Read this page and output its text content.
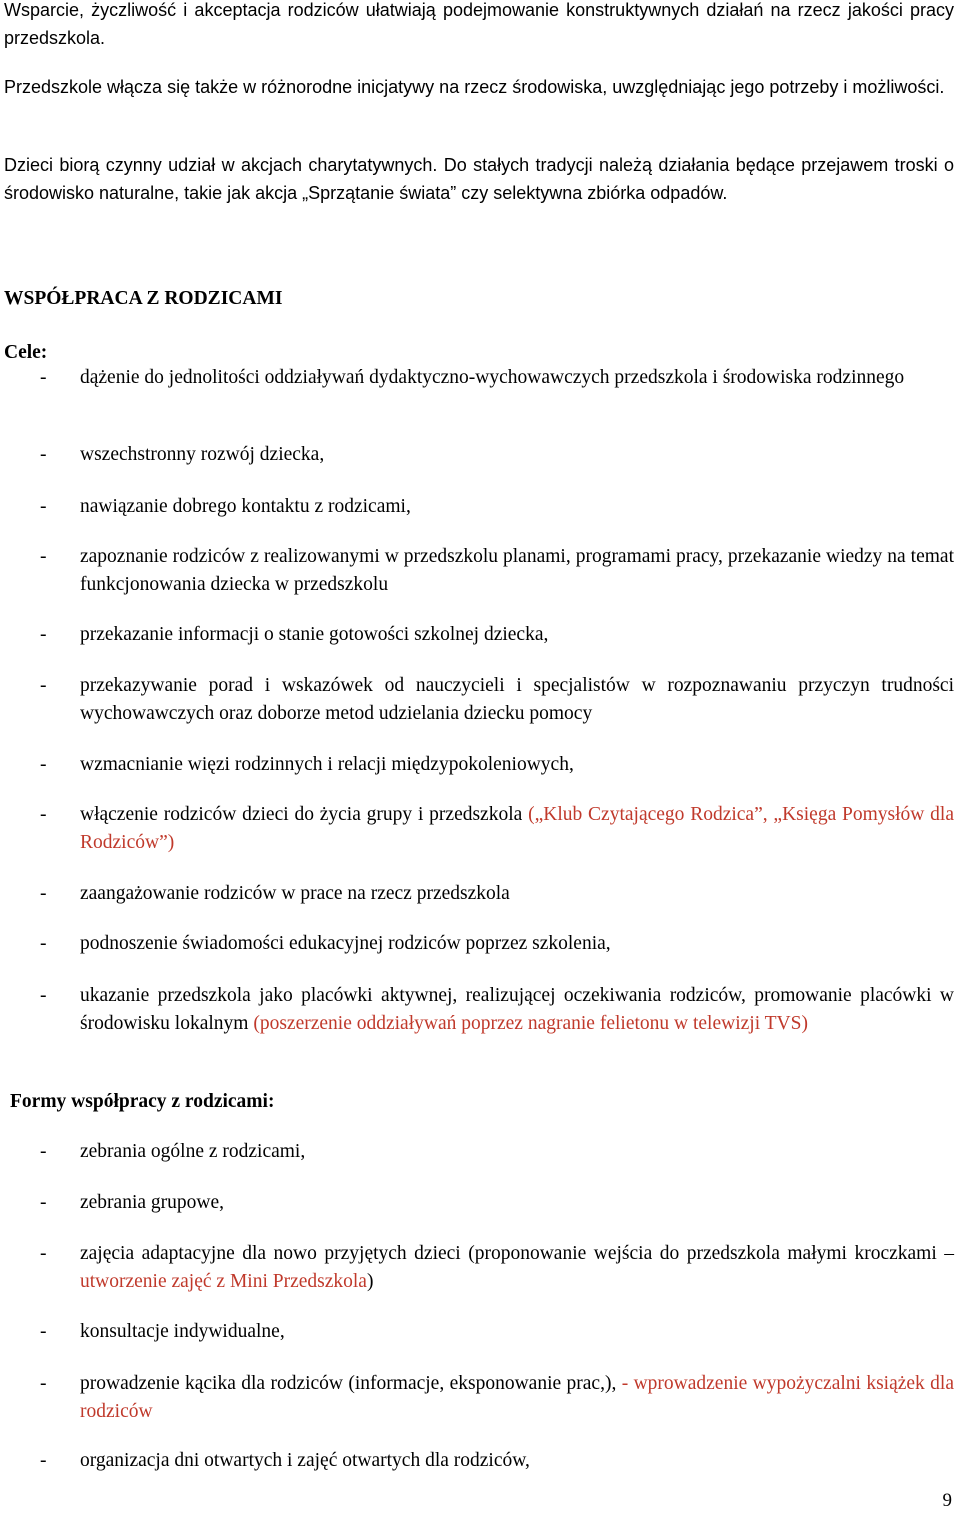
Wsparcie, życzliwość i akceptacja rodziców ułatwiają podejmowanie konstruktywnych działań na rzecz jakości pracy przedszkola.

Przedszkole włącza się także w różnorodne inicjatywy na rzecz środowiska, uwzględniając jego potrzeby i możliwości.

Dzieci biorą czynny udział w akcjach charytatywnych. Do stałych tradycji należą działania będące przejawem troski o środowisko naturalne, takie jak akcja „Sprzątanie świata” czy selektywna zbiórka odpadów.

WSPÓŁPRACA Z RODZICAMI

Cele:

- dążenie do jednolitości oddziaływań dydaktyczno-wychowawczych przedszkola i środowiska rodzinnego
- wszechstronny rozwój dziecka,
- nawiązanie dobrego kontaktu z rodzicami,
- zapoznanie rodziców z realizowanymi w przedszkolu planami, programami pracy, przekazanie wiedzy na temat funkcjonowania dziecka w przedszkolu
- przekazanie informacji o stanie gotowości szkolnej dziecka,
- przekazywanie porad i wskazówek od nauczycieli i specjalistów w rozpoznawaniu przyczyn trudności wychowawczych oraz doborze metod udzielania dziecku pomocy
- wzmacnianie więzi rodzinnych i relacji międzypokoleniowych,
- włączenie rodziców dzieci do życia grupy i przedszkola („Klub Czytającego Rodzica”, „Księga Pomysłów dla Rodziców”)
- zaangażowanie rodziców w prace na rzecz przedszkola
- podnoszenie świadomości edukacyjnej rodziców poprzez szkolenia,
- ukazanie przedszkola jako placówki aktywnej, realizującej oczekiwania rodziców, promowanie placówki w środowisku lokalnym (poszerzenie oddziaływań poprzez nagranie felietonu w telewizji TVS)

Formy współpracy z rodzicami:

- zebrania ogólne z rodzicami,
- zebrania grupowe,
- zajęcia adaptacyjne dla nowo przyjętych dzieci (proponowanie wejścia do przedszkola małymi kroczkami – utworzenie zajęć z Mini Przedszkola)
- konsultacje indywidualne,
- prowadzenie kącika dla rodziców (informacje, eksponowanie prac,), - wprowadzenie wypożyczalni książek dla rodziców
- organizacja dni otwartych i zajęć otwartych dla rodziców,
9
